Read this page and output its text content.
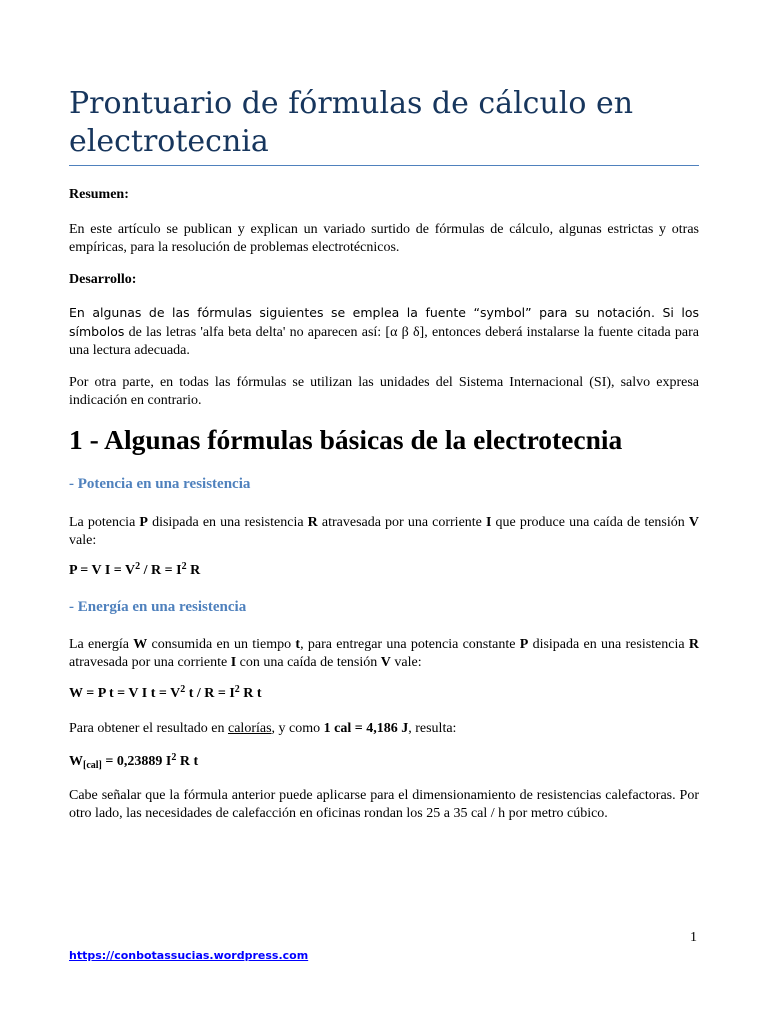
Prontuario de fórmulas de cálculo en electrotecnia

Resumen:

En este artículo se publican y explican un variado surtido de fórmulas de cálculo, algunas estrictas y otras empíricas, para la resolución de problemas electrotécnicos.

Desarrollo:

En algunas de las fórmulas siguientes se emplea la fuente “symbol” para su notación. Si los símbolos de las letras 'alfa beta delta' no aparecen así: [α β δ], entonces deberá instalarse la fuente citada para una lectura adecuada.

Por otra parte, en todas las fórmulas se utilizan las unidades del Sistema Internacional (SI), salvo expresa indicación en contrario.

1 - Algunas fórmulas básicas de la electrotecnia
- Potencia en una resistencia

La potencia P disipada en una resistencia R atravesada por una corriente I que produce una caída de tensión V vale:

P = V $I = V^2 / R = I^2$ R

- Energía en una resistencia

La energía W consumida en un tiempo t, para entregar una potencia constante P disipada en una resistencia R atravesada por una corriente I con una caída de tensión V vale:

W = P t = V I $t = V^2$ $t / R = I^2$ R t

Para obtener el resultado en calorías, y como 1 cal = 4,186 J, resulta:

$W_{[cal]} = 0,23889$ $I^2$ R t

Cabe señalar que la fórmula anterior puede aplicarse para el dimensionamiento de resistencias calefactoras. Por otro lado, las necesidades de calefacción en oficinas rondan los 25 a 35 cal / h por metro cúbico.

1
https://conbotassucias.wordpress.com
